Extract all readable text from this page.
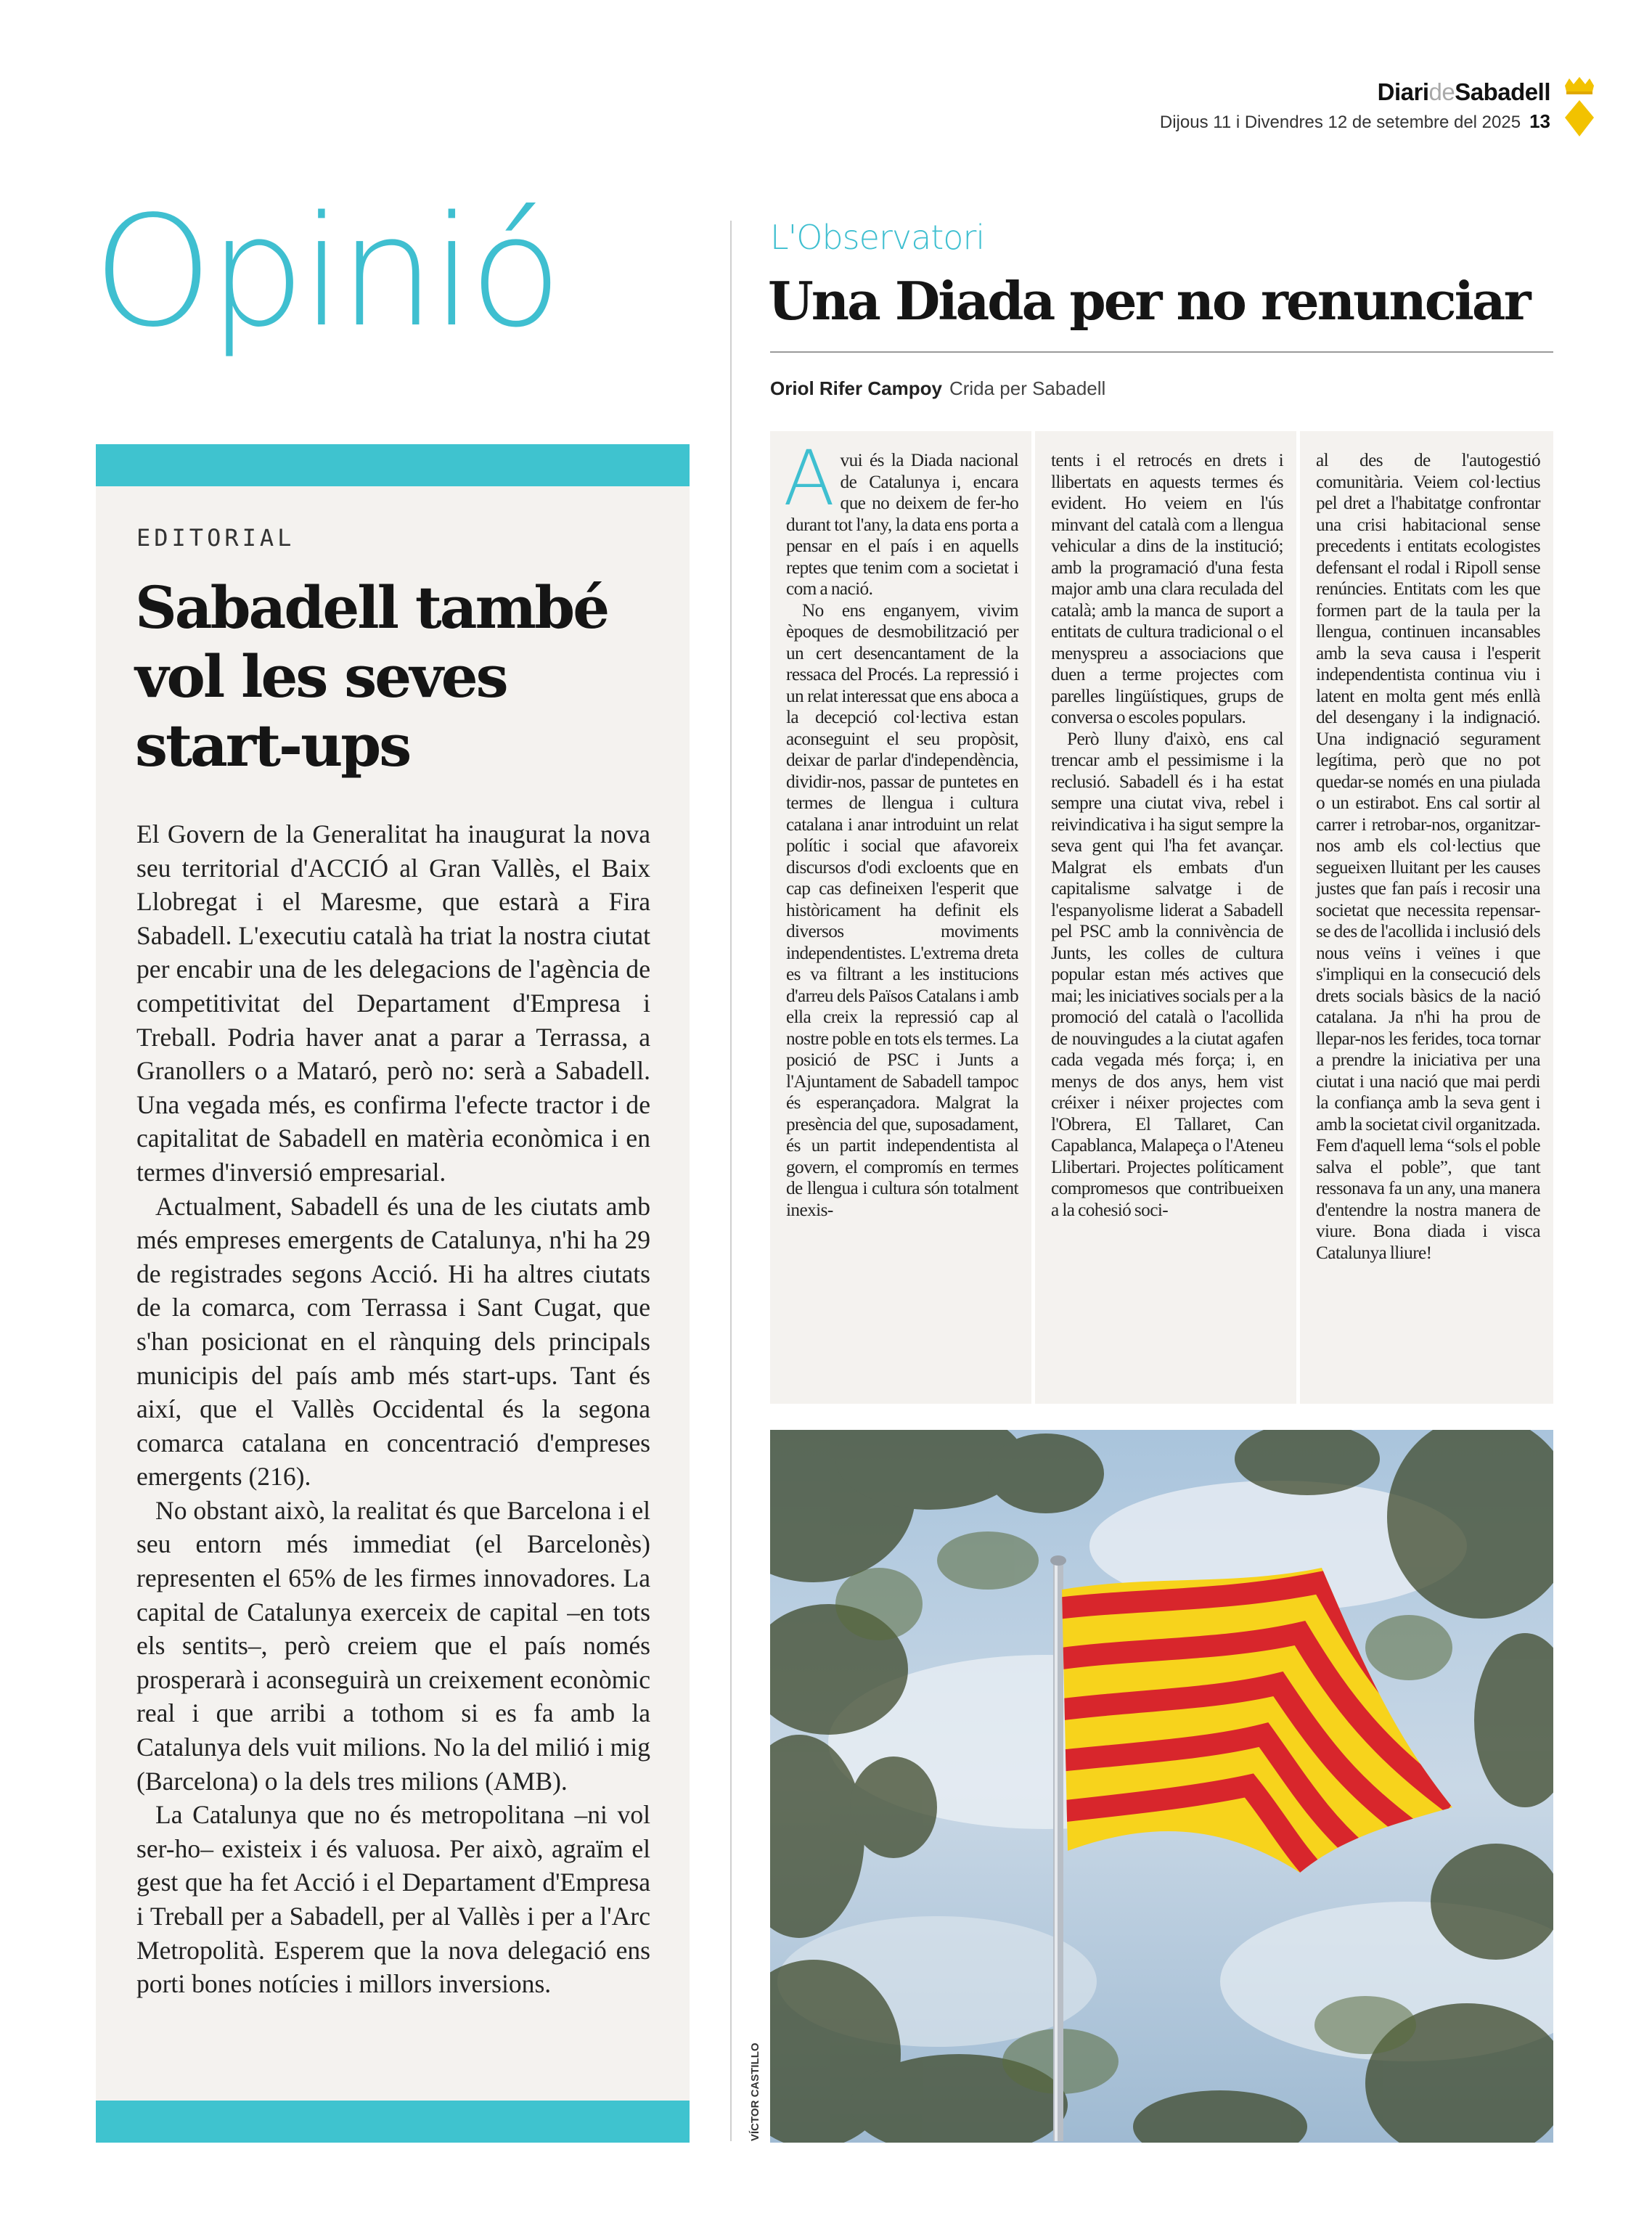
DiarideSabadell
Dijous 11 i Divendres 12 de setembre del 2025 13
Opinió
EDITORIAL
Sabadell també vol les seves start-ups

El Govern de la Generalitat ha inaugurat la nova seu territorial d'ACCIÓ al Gran Vallès, el Baix Llobregat i el Maresme, que estarà a Fira Sabadell. L'executiu català ha triat la nostra ciutat per encabir una de les delegacions de l'agència de competitivitat del Departament d'Empresa i Treball. Podria haver anat a parar a Terrassa, a Granollers o a Mataró, però no: serà a Sabadell. Una vegada més, es confirma l'efecte tractor i de capitalitat de Sabadell en matèria econòmica i en termes d'inversió empresarial.

Actualment, Sabadell és una de les ciutats amb més empreses emergents de Catalunya, n'hi ha 29 de registrades segons Acció. Hi ha altres ciutats de la comarca, com Terrassa i Sant Cugat, que s'han posicionat en el rànquing dels principals municipis del país amb més start-ups. Tant és així, que el Vallès Occidental és la segona comarca catalana en concentració d'empreses emergents (216).

No obstant això, la realitat és que Barcelona i el seu entorn més immediat (el Barcelonès) representen el 65% de les firmes innovadores. La capital de Catalunya exerceix de capital –en tots els sentits–, però creiem que el país només prosperarà i aconseguirà un creixement econòmic real i que arribi a tothom si es fa amb la Catalunya dels vuit milions. No la del milió i mig (Barcelona) o la dels tres milions (AMB).

La Catalunya que no és metropolitana –ni vol ser-ho– existeix i és valuosa. Per això, agraïm el gest que ha fet Acció i el Departament d'Empresa i Treball per a Sabadell, per al Vallès i per a l'Arc Metropolità. Esperem que la nova delegació ens porti bones notícies i millors inversions.

L'Observatori
Una Diada per no renunciar
Oriol Rifer Campoy Crida per Sabadell

Avui és la Diada nacional de Catalunya i, encara que no deixem de fer-ho durant tot l'any, la data ens porta a pensar en el país i en aquells reptes que tenim com a societat i com a nació.

No ens enganyem, vivim èpoques de desmobilització per un cert desencantament de la ressaca del Procés. La repressió i un relat interessat que ens aboca a la decepció col·lectiva estan aconseguint el seu propòsit, deixar de parlar d'independència, dividir-nos, passar de puntetes en termes de llengua i cultura catalana i anar introduint un relat polític i social que afavoreix discursos d'odi excloents que en cap cas defineixen l'esperit que històricament ha definit els diversos moviments independentistes. L'extrema dreta es va filtrant a les institucions d'arreu dels Països Catalans i amb ella creix la repressió cap al nostre poble en tots els termes. La posició de PSC i Junts a l'Ajuntament de Sabadell tampoc és esperançadora. Malgrat la presència del que, suposadament, és un partit independentista al govern, el compromís en termes de llengua i cultura són totalment inexis-

tents i el retrocés en drets i llibertats en aquests termes és evident. Ho veiem en l'ús minvant del català com a llengua vehicular a dins de la institució; amb la programació d'una festa major amb una clara reculada del català; amb la manca de suport a entitats de cultura tradicional o el menyspreu a associacions que duen a terme projectes com parelles lingüístiques, grups de conversa o escoles populars.

Però lluny d'això, ens cal trencar amb el pessimisme i la reclusió. Sabadell és i ha estat sempre una ciutat viva, rebel i reivindicativa i ha sigut sempre la seva gent qui l'ha fet avançar. Malgrat els embats d'un capitalisme salvatge i de l'espanyolisme liderat a Sabadell pel PSC amb la connivència de Junts, les colles de cultura popular estan més actives que mai; les iniciatives socials per a la promoció del català o l'acollida de nouvingudes a la ciutat agafen cada vegada més força; i, en menys de dos anys, hem vist créixer i néixer projectes com l'Obrera, El Tallaret, Can Capablanca, Malapeça o l'Ateneu Llibertari. Projectes políticament compromesos que contribueixen a la cohesió soci-

al des de l'autogestió comunitària. Veiem col·lectius pel dret a l'habitatge confrontar una crisi habitacional sense precedents i entitats ecologistes defensant el rodal i Ripoll sense renúncies. Entitats com les que formen part de la taula per la llengua, continuen incansables amb la seva causa i l'esperit independentista continua viu i latent en molta gent més enllà del desengany i la indignació. Una indignació segurament legítima, però que no pot quedar-se només en una piulada o un estirabot. Ens cal sortir al carrer i retrobar-nos, organitzar-nos amb els col·lectius que segueixen lluitant per les causes justes que fan país i recosir una societat que necessita repensar-se des de l'acollida i inclusió dels nous veïns i veïnes i que s'impliqui en la consecució dels drets socials bàsics de la nació catalana. Ja n'hi ha prou de llepar-nos les ferides, toca tornar a prendre la iniciativa per una ciutat i una nació que mai perdi la confiança amb la seva gent i amb la societat civil organitzada. Fem d'aquell lema “sols el poble salva el poble”, que tant ressonava fa un any, una manera d'entendre la nostra manera de viure. Bona diada i visca Catalunya lliure!

VÍCTOR CASTILLO
